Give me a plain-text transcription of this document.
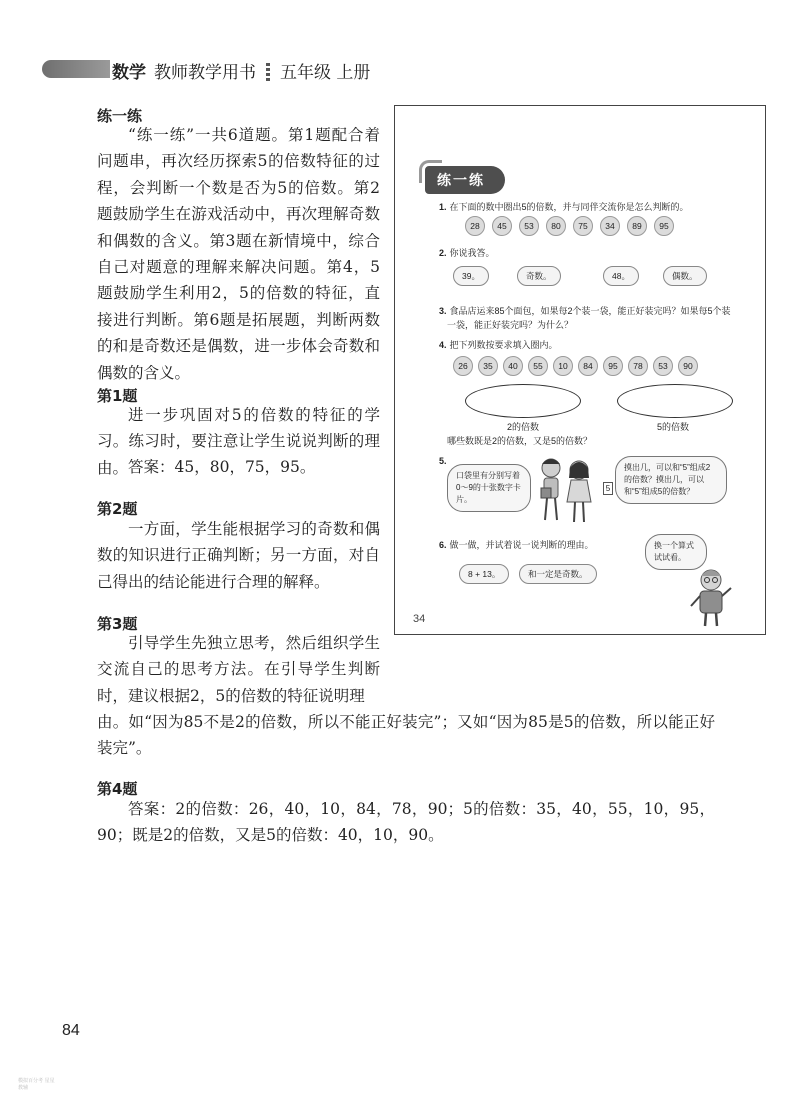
数学 教师教学用书 五年级 上册
练一练
“练一练”一共6道题。第1题配合着问题串，再次经历探索5的倍数特征的过程，会判断一个数是否为5的倍数。第2题鼓励学生在游戏活动中，再次理解奇数和偶数的含义。第3题在新情境中，综合自己对题意的理解来解决问题。第4，5题鼓励学生利用2，5的倍数的特征，直接进行判断。第6题是拓展题，判断两数的和是奇数还是偶数，进一步体会奇数和偶数的含义。
第1题
进一步巩固对5的倍数的特征的学习。练习时，要注意让学生说说判断的理由。 答案：45，80，75，95。
第2题
一方面，学生能根据学习的奇数和偶数的知识进行正确判断；另一方面，对自己得出的结论能进行合理的解释。
第3题
引导学生先独立思考，然后组织学生交流自己的思考方法。在引导学生判断时，建议根据2，5的倍数的特征说明理
由。如“因为85不是2的倍数，所以不能正好装完”；又如“因为85是5的倍数，所以能正好装完”。
第4题
答案：2的倍数：26，40，10，84，78，90；5的倍数：35，40，55，10，95，90；既是2的倍数，又是5的倍数：40，10，90。
练一练
1. 在下面的数中圈出5的倍数，并与同伴交流你是怎么判断的。
28	45	53	80	75	34	89	95
2. 你说我答。
39。	奇数。	48。	偶数。
3. 食品店运来85个面包，如果每2个装一袋，能正好装完吗？如果每5个装
一袋，能正好装完吗？为什么？
4. 把下列数按要求填入圈内。
26	35	40	55	10	84	95	78	53	90
2的倍数	5的倍数
哪些数既是2的倍数，又是5的倍数？
5.
口袋里有分别写着0～9的十张数字卡片。
5
摸出几，可以和“5”组成2的倍数？摸出几，可以和“5”组成5的倍数？
6. 做一做，并试着说一说判断的理由。
8 + 13。	和一定是奇数。
换一个算式试试看。
34
84
模拟百分考 星星教辅
